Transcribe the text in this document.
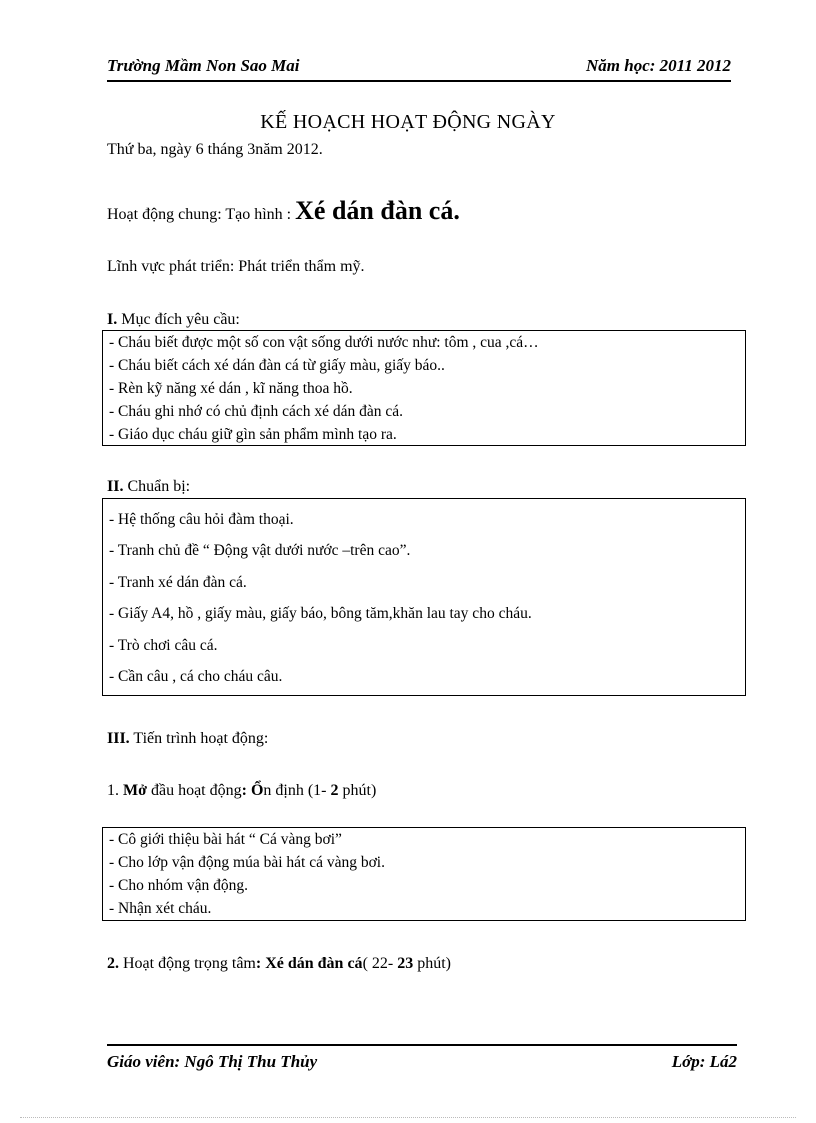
Trường Mầm Non Sao Mai	Năm học: 2011 2012
KẾ HOẠCH HOẠT ĐỘNG NGÀY
Thứ ba, ngày 6 tháng 3năm 2012.
Hoạt động chung: Tạo hình : Xé dán đàn cá.
Lĩnh vực phát triển: Phát triển thẩm mỹ.
I. Mục đích yêu cầu:
- Cháu biết được một số con vật sống dưới nước như: tôm , cua ,cá…
- Cháu biết cách xé dán đàn cá từ giấy màu, giấy báo..
- Rèn kỹ năng xé dán , kĩ năng thoa hồ.
- Cháu ghi nhớ có chủ định cách xé dán đàn cá.
- Giáo dục cháu giữ gìn sản phẩm mình tạo ra.
II. Chuẩn bị:
- Hệ thống câu hỏi đàm thoại.
- Tranh chủ đề “ Động vật dưới nước –trên cao”.
- Tranh xé dán đàn cá.
- Giấy A4, hồ , giấy màu, giấy báo, bông tăm,khăn lau tay cho cháu.
- Trò chơi câu cá.
- Cần câu , cá cho cháu câu.
III. Tiến trình hoạt động:
1. Mở đầu hoạt động: Ổn định (1- 2 phút)
- Cô giới thiệu bài hát “ Cá vàng bơi”
- Cho lớp vận động múa bài hát cá vàng bơi.
- Cho nhóm vận động.
- Nhận xét cháu.
2. Hoạt động trọng tâm: Xé dán đàn cá( 22- 23 phút)
Giáo viên: Ngô Thị Thu Thủy	Lớp: Lá2
